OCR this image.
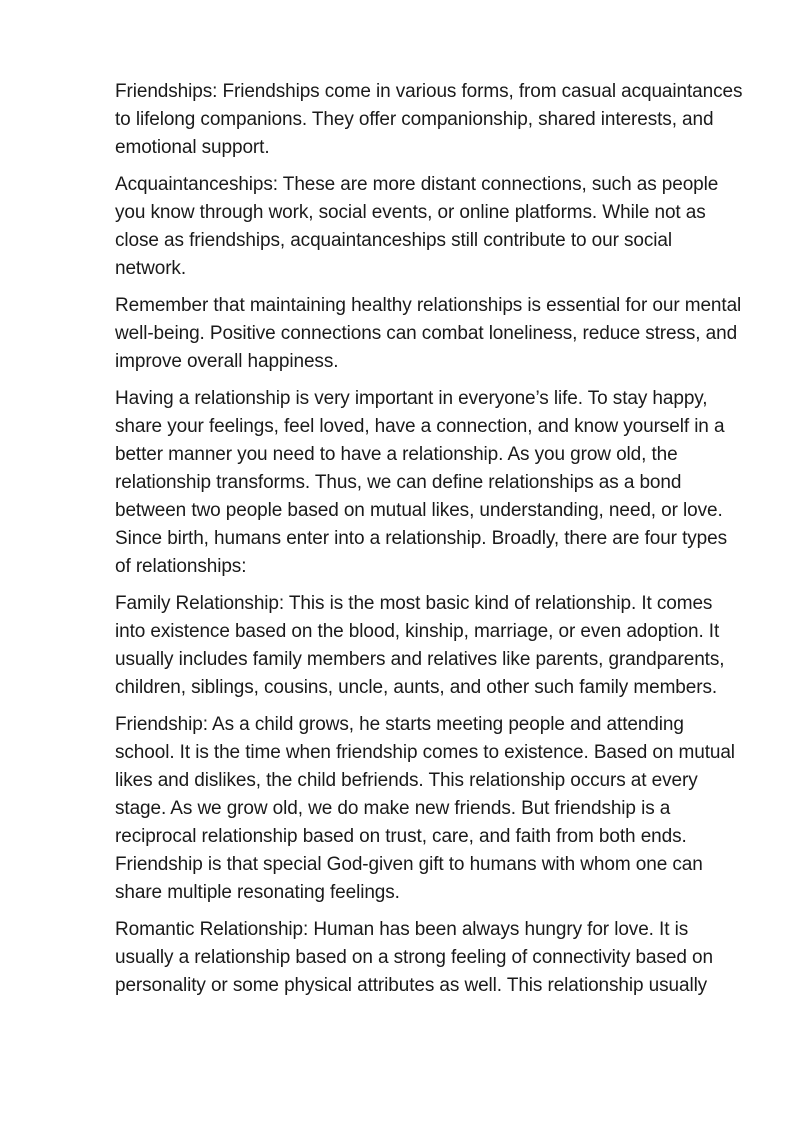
Friendships: Friendships come in various forms, from casual acquaintances to lifelong companions. They offer companionship, shared interests, and emotional support.

Acquaintanceships: These are more distant connections, such as people you know through work, social events, or online platforms. While not as close as friendships, acquaintanceships still contribute to our social network.

Remember that maintaining healthy relationships is essential for our mental well-being. Positive connections can combat loneliness, reduce stress, and improve overall happiness.

Having a relationship is very important in everyone’s life. To stay happy, share your feelings, feel loved, have a connection, and know yourself in a better manner you need to have a relationship. As you grow old, the relationship transforms. Thus, we can define relationships as a bond between two people based on mutual likes, understanding, need, or love. Since birth, humans enter into a relationship. Broadly, there are four types of relationships:

Family Relationship: This is the most basic kind of relationship. It comes into existence based on the blood, kinship, marriage, or even adoption. It usually includes family members and relatives like parents, grandparents, children, siblings, cousins, uncle, aunts, and other such family members.

Friendship: As a child grows, he starts meeting people and attending school. It is the time when friendship comes to existence. Based on mutual likes and dislikes, the child befriends. This relationship occurs at every stage. As we grow old, we do make new friends. But friendship is a reciprocal relationship based on trust, care, and faith from both ends. Friendship is that special God-given gift to humans with whom one can share multiple resonating feelings.

Romantic Relationship: Human has been always hungry for love. It is usually a relationship based on a strong feeling of connectivity based on personality or some physical attributes as well. This relationship usually
